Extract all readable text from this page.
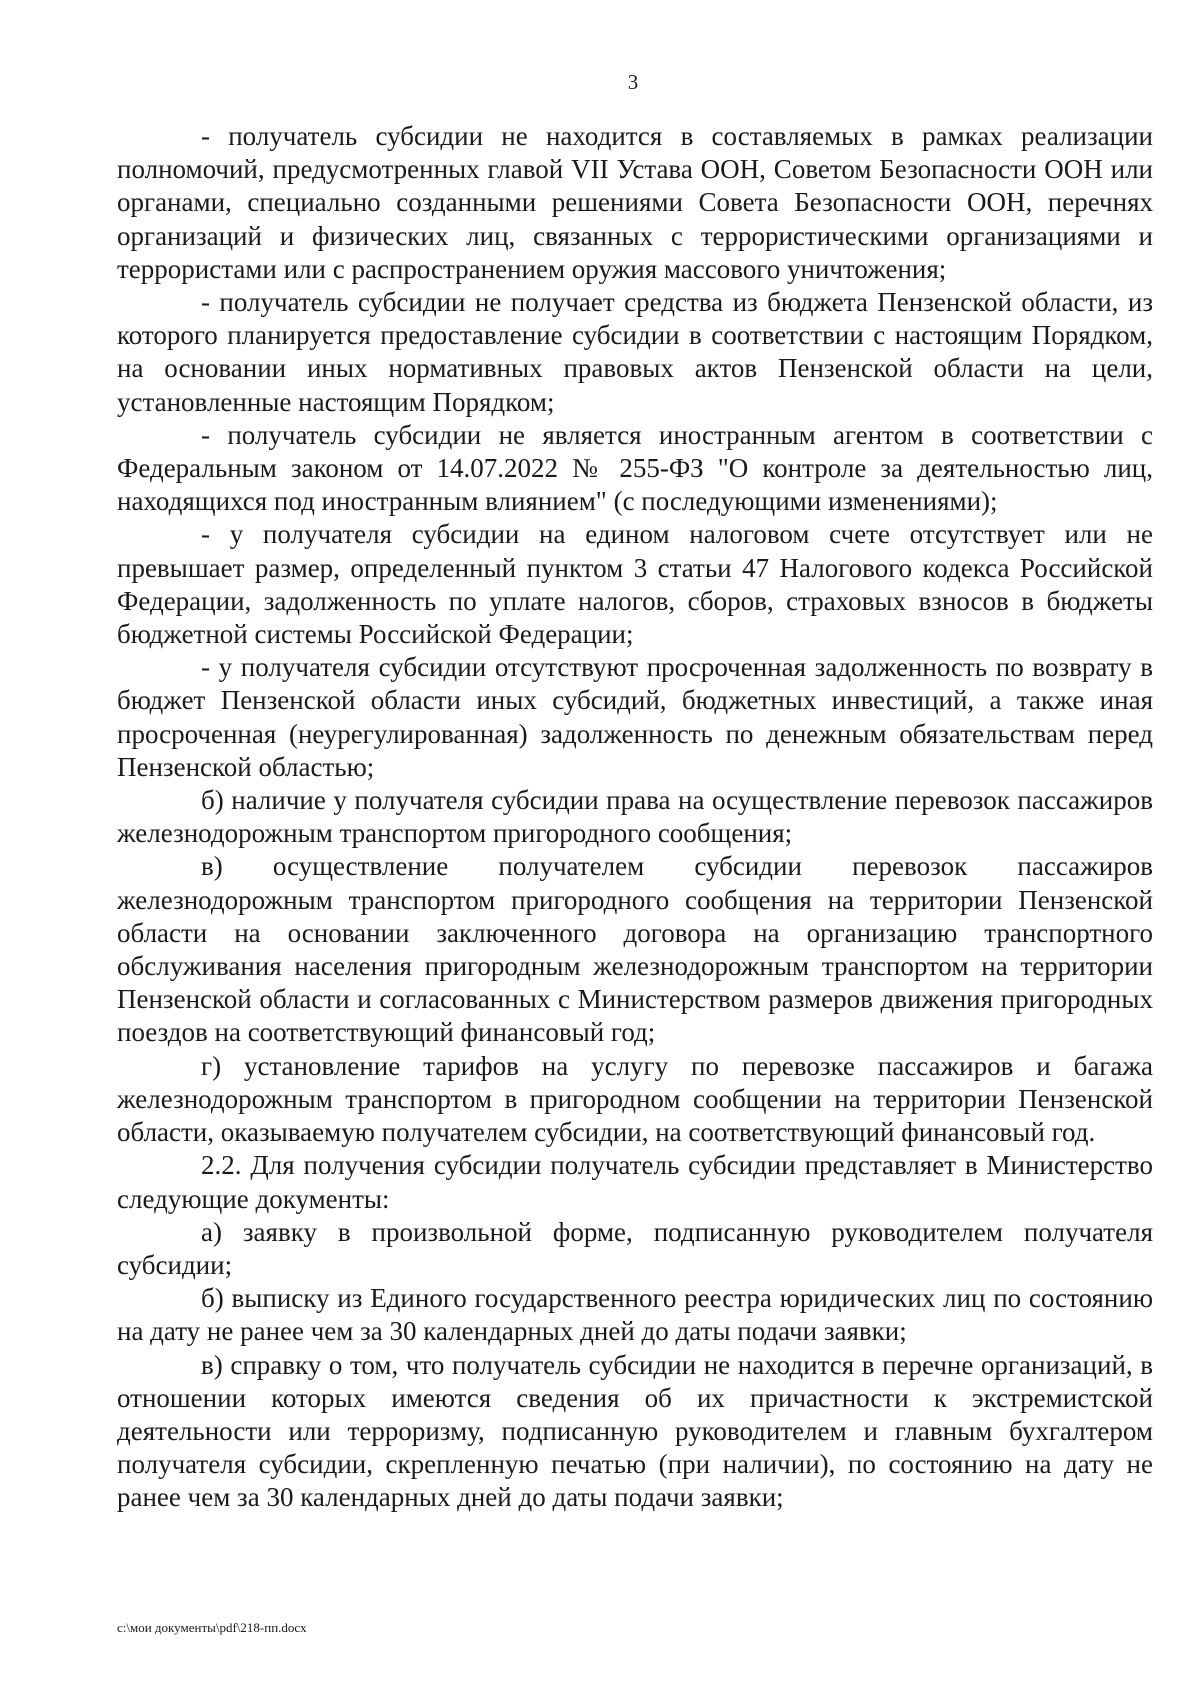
3

- получатель субсидии не находится в составляемых в рамках реализации полномочий, предусмотренных главой VII Устава ООН, Советом Безопасности ООН или органами, специально созданными решениями Совета Безопасности ООН, перечнях организаций и физических лиц, связанных с террористическими организациями и террористами или с распространением оружия массового уничтожения;

- получатель субсидии не получает средства из бюджета Пензенской области, из которого планируется предоставление субсидии в соответствии с настоящим Порядком, на основании иных нормативных правовых актов Пензенской области на цели, установленные настоящим Порядком;

- получатель субсидии не является иностранным агентом в соответствии с Федеральным законом от 14.07.2022 № 255-ФЗ "О контроле за деятельностью лиц, находящихся под иностранным влиянием" (с последующими изменениями);

- у получателя субсидии на едином налоговом счете отсутствует или не превышает размер, определенный пунктом 3 статьи 47 Налогового кодекса Российской Федерации, задолженность по уплате налогов, сборов, страховых взносов в бюджеты бюджетной системы Российской Федерации;

- у получателя субсидии отсутствуют просроченная задолженность по возврату в бюджет Пензенской области иных субсидий, бюджетных инвестиций, а также иная просроченная (неурегулированная) задолженность по денежным обязательствам перед Пензенской областью;

б) наличие у получателя субсидии права на осуществление перевозок пассажиров железнодорожным транспортом пригородного сообщения;

в) осуществление получателем субсидии перевозок пассажиров железнодорожным транспортом пригородного сообщения на территории Пензенской области на основании заключенного договора на организацию транспортного обслуживания населения пригородным железнодорожным транспортом на территории Пензенской области и согласованных с Министерством размеров движения пригородных поездов на соответствующий финансовый год;

г) установление тарифов на услугу по перевозке пассажиров и багажа железнодорожным транспортом в пригородном сообщении на территории Пензенской области, оказываемую получателем субсидии, на соответствующий финансовый год.

2.2. Для получения субсидии получатель субсидии представляет в Министерство следующие документы:

а) заявку в произвольной форме, подписанную руководителем получателя субсидии;

б) выписку из Единого государственного реестра юридических лиц по состоянию на дату не ранее чем за 30 календарных дней до даты подачи заявки;

в) справку о том, что получатель субсидии не находится в перечне организаций, в отношении которых имеются сведения об их причастности к экстремистской деятельности или терроризму, подписанную руководителем и главным бухгалтером получателя субсидии, скрепленную печатью (при наличии), по состоянию на дату не ранее чем за 30 календарных дней до даты подачи заявки;

c:\мои документы\pdf\218-пп.docx
